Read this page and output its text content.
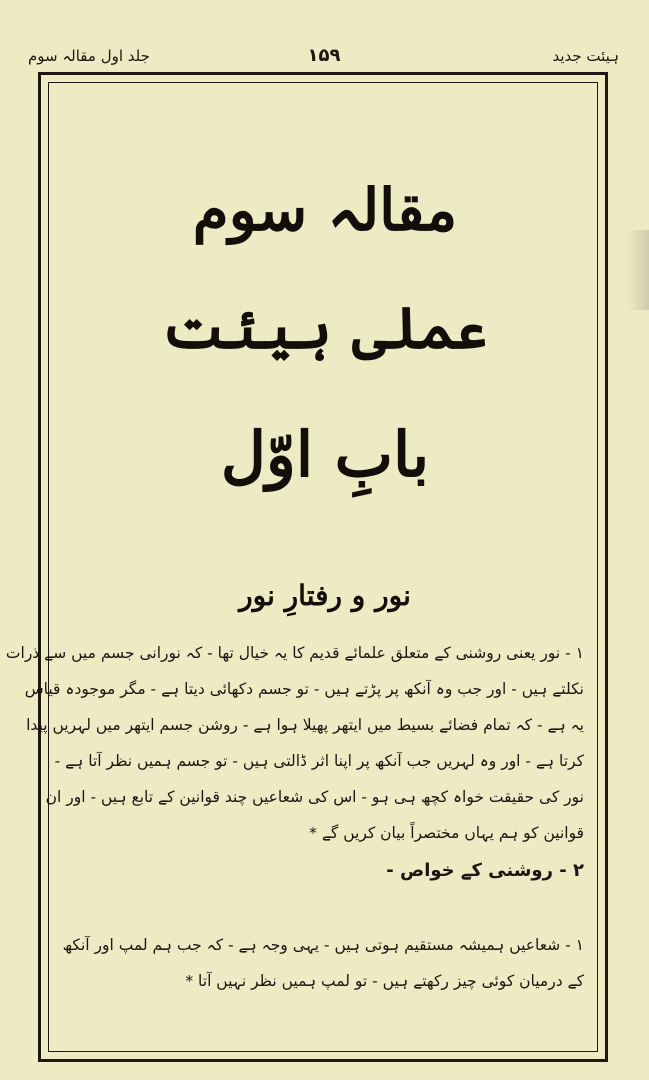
ہیئت جدید
۱۵۹
جلد اول مقالہ سوم
مقالہ سوم
عملی ہیئت
بابِ اوّل
نور و رفتارِ نور
۱ - نور یعنی روشنی کے متعلق علمائے قدیم کا یہ خیال تھا - کہ نورانی جسم میں سے ذرات
نکلتے ہیں - اور جب وہ آنکھ پر پڑتے ہیں - تو جسم دکھائی دیتا ہے - مگر موجودہ قیاس
یہ ہے - کہ تمام فضائے بسیط میں ایتھر پھیلا ہوا ہے - روشن جسم ایتھر میں لہریں پیدا
کرتا ہے - اور وہ لہریں جب آنکھ پر اپنا اثر ڈالتی ہیں - تو جسم ہمیں نظر آتا ہے -
نور کی حقیقت خواہ کچھ ہی ہو - اس کی شعاعیں چند قوانین کے تابع ہیں - اور ان
قوانین کو ہم یہاں مختصراً بیان کریں گے *
۲ - روشنی کے خواص -
۱ - شعاعیں ہمیشہ مستقیم ہوتی ہیں - یہی وجہ ہے - کہ جب ہم لمپ اور آنکھ
کے درمیان کوئی چیز رکھتے ہیں - تو لمپ ہمیں نظر نہیں آتا *
